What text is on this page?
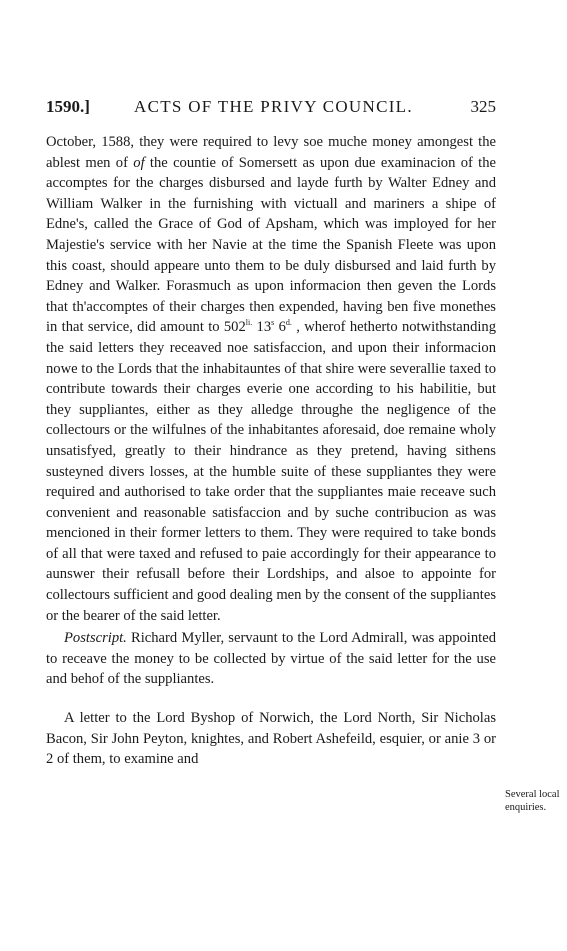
1590.]	ACTS OF THE PRIVY COUNCIL.	325

October, 1588, they were required to levy soe muche money amongest the ablest men of of the countie of Somersett as upon due examinacion of the accomptes for the charges disbursed and layde furth by Walter Edney and William Walker in the furnishing with victuall and mariners a shipe of Edne's, called the Grace of God of Apsham, which was imployed for her Majestie's service with her Navie at the time the Spanish Fleete was upon this coast, should appeare unto them to be duly disbursed and laid furth by Edney and Walker. Forasmuch as upon informacion then geven the Lords that th'accomptes of their charges then expended, having ben five monethes in that service, did amount to $502^{li.}$ 13$^s$ $6^{d.}$ , wherof hetherto notwithstanding the said letters they receaved noe satisfaccion, and upon their informacion nowe to the Lords that the inhabitauntes of that shire were severallie taxed to contribute towards their charges everie one according to his habilitie, but they suppliantes, either as they alledge throughe the negligence of the collectours or the wilfulnes of the inhabitantes aforesaid, doe remaine wholy unsatisfyed, greatly to their hindrance as they pretend, having sithens susteyned divers losses, at the humble suite of these suppliantes they were required and authorised to take order that the suppliantes maie receave such convenient and reasonable satisfaccion and by suche contribucion as was mencioned in their former letters to them. They were required to take bonds of all that were taxed and refused to paie accordingly for their appearance to aunswer their refusall before their Lordships, and alsoe to appointe for collectours sufficient and good dealing men by the consent of the suppliantes or the bearer of the said letter.

Postscript. Richard Myller, servaunt to the Lord Admirall, was appointed to receave the money to be collected by virtue of the said letter for the use and behof of the suppliantes.

A letter to the Lord Byshop of Norwich, the Lord North, Sir Nicholas Bacon, Sir John Peyton, knightes, and Robert Ashefeild, esquier, or anie 3 or 2 of them, to examine and

Several local enquiries.
